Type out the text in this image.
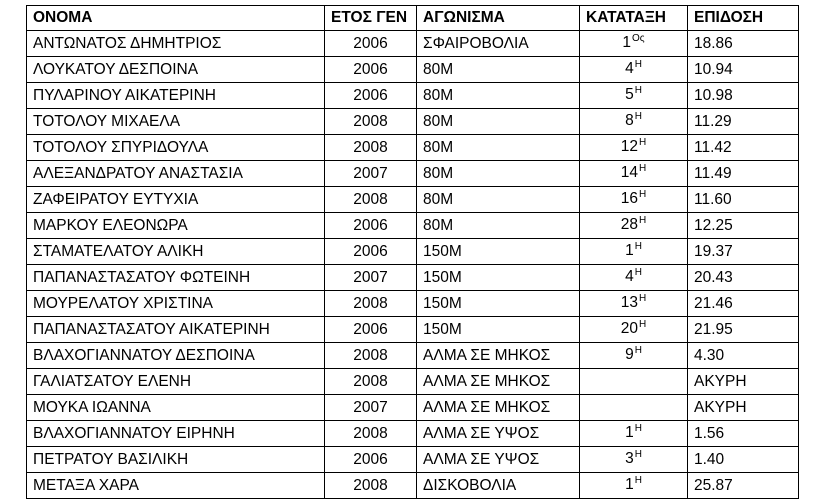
ΟΝΟΜΑ	ΕΤΟΣ ΓΕΝ	ΑΓΩΝΙΣΜΑ	ΚΑΤΑΤΑΞΗ	ΕΠΙΔΟΣΗ
ΑΝΤΩΝΑΤΟΣ ΔΗΜΗΤΡΙΟΣ	2006	ΣΦΑΙΡΟΒΟΛΙΑ	$1^{O\varsigma}$	18.86
ΛΟΥΚΑΤΟΥ ΔΕΣΠΟΙΝΑ	2006	80Μ	$4^H$	10.94
ΠΥΛΑΡΙΝΟΥ ΑΙΚΑΤΕΡΙΝΗ	2006	80Μ	$5^H$	10.98
ΤΟΤΟΛΟΥ ΜΙΧΑΕΛΑ	2008	80Μ	$8^H$	11.29
ΤΟΤΟΛΟΥ ΣΠΥΡΙΔΟΥΛΑ	2008	80Μ	$12^H$	11.42
ΑΛΕΞΑΝΔΡΑΤΟΥ ΑΝΑΣΤΑΣΙΑ	2007	80Μ	$14^H$	11.49
ΖΑΦΕΙΡΑΤΟΥ ΕΥΤΥΧΙΑ	2008	80Μ	$16^H$	11.60
ΜΑΡΚΟΥ ΕΛΕΟΝΩΡΑ	2006	80Μ	$28^H$	12.25
ΣΤΑΜΑΤΕΛΑΤΟΥ ΑΛΙΚΗ	2006	150Μ	$1^H$	19.37
ΠΑΠΑΝΑΣΤΑΣΑΤΟΥ ΦΩΤΕΙΝΗ	2007	150Μ	$4^H$	20.43
ΜΟΥΡΕΛΑΤΟΥ ΧΡΙΣΤΙΝΑ	2008	150Μ	$13^H$	21.46
ΠΑΠΑΝΑΣΤΑΣΑΤΟΥ ΑΙΚΑΤΕΡΙΝΗ	2006	150Μ	$20^H$	21.95
ΒΛΑΧΟΓΙΑΝΝΑΤΟΥ ΔΕΣΠΟΙΝΑ	2008	ΑΛΜΑ ΣΕ ΜΗΚΟΣ	$9^H$	4.30
ΓΑΛΙΑΤΣΑΤΟΥ ΕΛΕΝΗ	2008	ΑΛΜΑ ΣΕ ΜΗΚΟΣ		ΑΚΥΡΗ
ΜΟΥΚΑ ΙΩΑΝΝΑ	2007	ΑΛΜΑ ΣΕ ΜΗΚΟΣ		ΑΚΥΡΗ
ΒΛΑΧΟΓΙΑΝΝΑΤΟΥ ΕΙΡΗΝΗ	2008	ΑΛΜΑ ΣΕ ΥΨΟΣ	$1^H$	1.56
ΠΕΤΡΑΤΟΥ ΒΑΣΙΛΙΚΗ	2006	ΑΛΜΑ ΣΕ ΥΨΟΣ	$3^H$	1.40
ΜΕΤΑΞΑ ΧΑΡΑ	2008	ΔΙΣΚΟΒΟΛΙΑ	$1^H$	25.87
